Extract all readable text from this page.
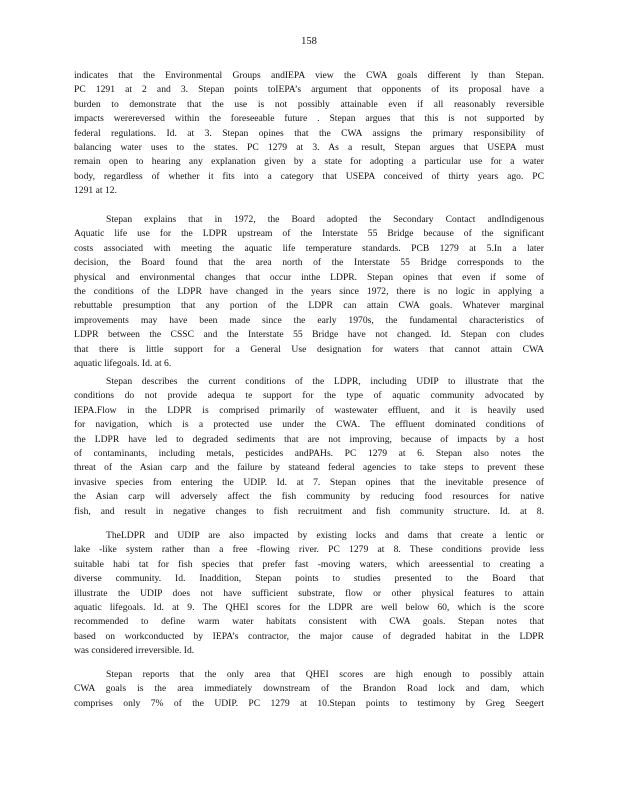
158
indicates that the Environmental Groups andIEPA view the CWA goals different ly than Stepan.
PC 1291 at 2 and 3. Stepan points toIEPA’s argument that opponents of its proposal have a
burden to demonstrate that the use is not possibly attainable even if all reasonably reversible
impacts werereversed within the foreseeable future . Stepan argues that this is not supported by
federal regulations. Id. at 3. Stepan opines that the CWA assigns the primary responsibility of
balancing water uses to the states. PC 1279 at 3. As a result, Stepan argues that USEPA must
remain open to hearing any explanation given by a state for adopting a particular use for a water
body, regardless of whether it fits into a category that USEPA conceived of thirty years ago. PC
1291 at 12.
Stepan explains that in 1972, the Board adopted the Secondary Contact andIndigenous
Aquatic life use for the LDPR upstream of the Interstate 55 Bridge because of the significant
costs associated with meeting the aquatic life temperature standards. PCB 1279 at 5.In a later
decision, the Board found that the area north of the Interstate 55 Bridge corresponds to the
physical and environmental changes that occur inthe LDPR. Stepan opines that even if some of
the conditions of the LDPR have changed in the years since 1972, there is no logic in applying a
rebuttable presumption that any portion of the LDPR can attain CWA goals. Whatever marginal
improvements may have been made since the early 1970s, the fundamental characteristics of
LDPR between the CSSC and the Interstate 55 Bridge have not changed. Id. Stepan con cludes
that there is little support for a General Use designation for waters that cannot attain CWA
aquatic lifegoals. Id. at 6.
Stepan describes the current conditions of the LDPR, including UDIP to illustrate that the
conditions do not provide adequa te support for the type of aquatic community advocated by
IEPA.Flow in the LDPR is comprised primarily of wastewater effluent, and it is heavily used
for navigation, which is a protected use under the CWA. The effluent dominated conditions of
the LDPR have led to degraded sediments that are not improving, because of impacts by a host
of contaminants, including metals, pesticides andPAHs. PC 1279 at 6. Stepan also notes the
threat of the Asian carp and the failure by stateand federal agencies to take steps to prevent these
invasive species from entering the UDIP. Id. at 7. Stepan opines that the inevitable presence of
the Asian carp will adversely affect the fish community by reducing food resources for native
fish, and result in negative changes to fish recruitment and fish community structure. Id. at 8.
TheLDPR and UDIP are also impacted by existing locks and dams that create a lentic or
lake -like system rather than a free -flowing river. PC 1279 at 8. These conditions provide less
suitable habi tat for fish species that prefer fast -moving waters, which areessential to creating a
diverse community. Id. Inaddition, Stepan points to studies presented to the Board that
illustrate the UDIP does not have sufficient substrate, flow or other physical features to attain
aquatic lifegoals. Id. at 9. The QHEI scores for the LDPR are well below 60, which is the score
recommended to define warm water habitats consistent with CWA goals. Stepan notes that
based on workconducted by IEPA’s contractor, the major cause of degraded habitat in the LDPR
was considered irreversible. Id.
Stepan reports that the only area that QHEI scores are high enough to possibly attain
CWA goals is the area immediately downstream of the Brandon Road lock and dam, which
comprises only 7% of the UDIP. PC 1279 at 10.Stepan points to testimony by Greg Seegert
